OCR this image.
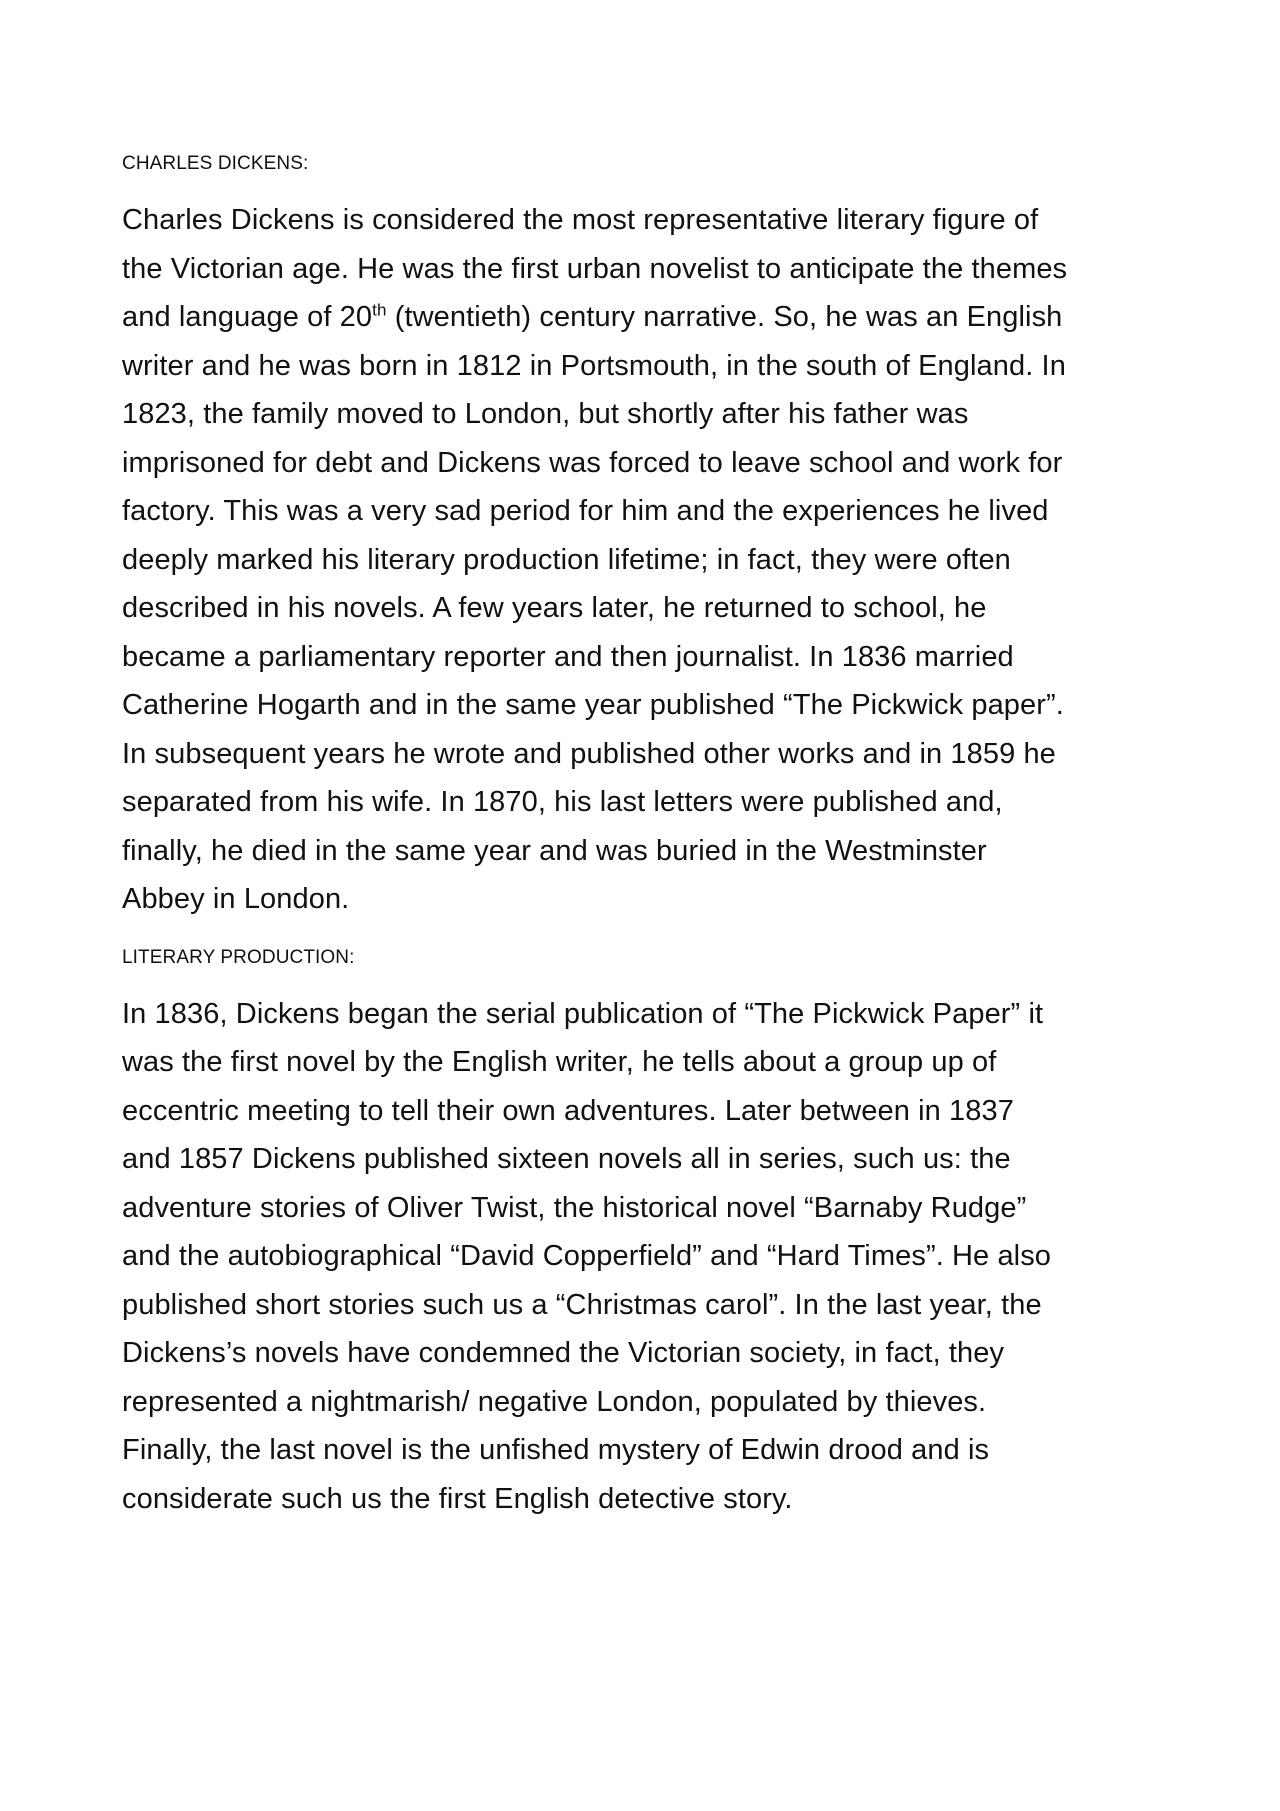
CHARLES DICKENS:

Charles Dickens is considered the most representative literary figure of
the Victorian age. He was the first urban novelist to anticipate the themes
and language of 20th (twentieth) century narrative. So, he was an English
writer and he was born in 1812 in Portsmouth, in the south of England. In
1823, the family moved to London, but shortly after his father was
imprisoned for debt and Dickens was forced to leave school and work for
factory. This was a very sad period for him and the experiences he lived
deeply marked his literary production lifetime; in fact, they were often
described in his novels. A few years later, he returned to school, he
became a parliamentary reporter and then journalist. In 1836 married
Catherine Hogarth and in the same year published “The Pickwick paper”.
In subsequent years he wrote and published other works and in 1859 he
separated from his wife. In 1870, his last letters were published and,
finally, he died in the same year and was buried in the Westminster
Abbey in London.

LITERARY PRODUCTION:

In 1836, Dickens began the serial publication of “The Pickwick Paper” it
was the first novel by the English writer, he tells about a group up of
eccentric meeting to tell their own adventures. Later between in 1837
and 1857 Dickens published sixteen novels all in series, such us: the
adventure stories of Oliver Twist, the historical novel “Barnaby Rudge”
and the autobiographical “David Copperfield” and “Hard Times”. He also
published short stories such us a “Christmas carol”. In the last year, the
Dickens’s novels have condemned the Victorian society, in fact, they
represented a nightmarish/ negative London, populated by thieves.
Finally, the last novel is the unfished mystery of Edwin drood and is
considerate such us the first English detective story.
